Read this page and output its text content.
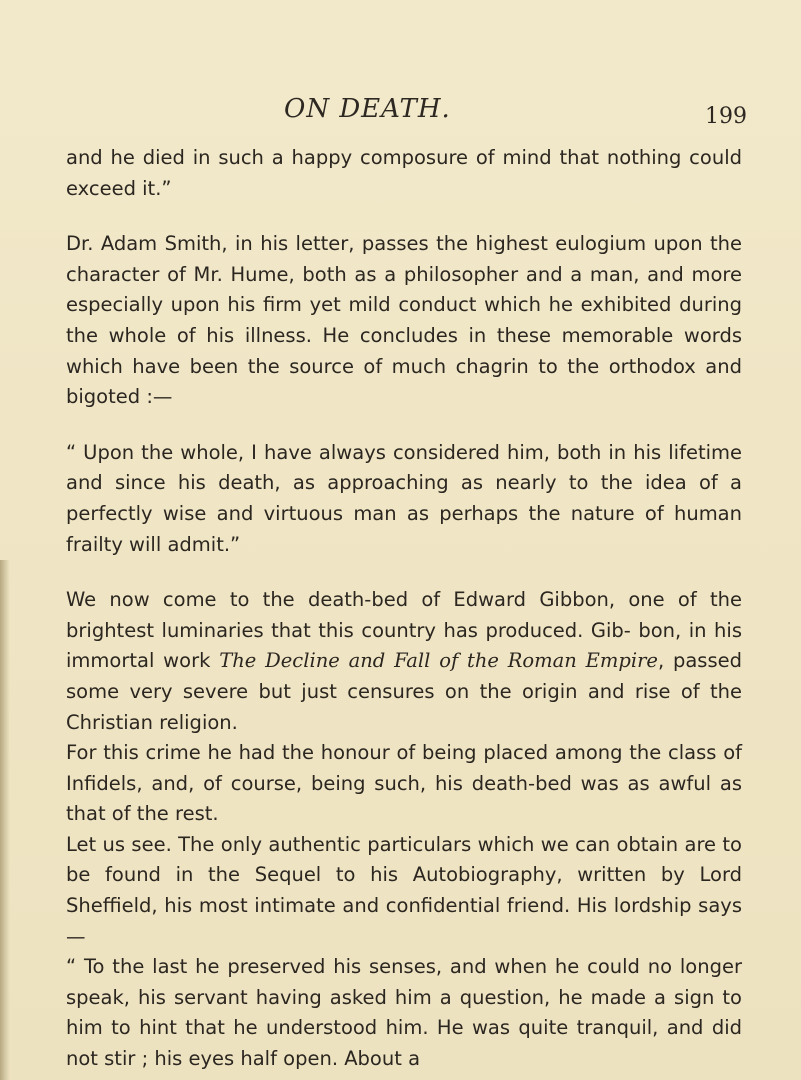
ON DEATH.	199

and he died in such a happy composure of mind that nothing could exceed it.”

Dr. Adam Smith, in his letter, passes the highest eulogium upon the character of Mr. Hume, both as a philosopher and a man, and more especially upon his firm yet mild conduct which he exhibited during the whole of his illness. He concludes in these memorable words which have been the source of much chagrin to the orthodox and bigoted :—

“ Upon the whole, I have always considered him, both in his lifetime and since his death, as approaching as nearly to the idea of a perfectly wise and virtuous man as perhaps the nature of human frailty will admit.”

We now come to the death-bed of Edward Gibbon, one of the brightest luminaries that this country has produced. Gib- bon, in his immortal work The Decline and Fall of the Roman Empire, passed some very severe but just censures on the origin and rise of the Christian religion.

For this crime he had the honour of being placed among the class of Infidels, and, of course, being such, his death-bed was as awful as that of the rest.

Let us see. The only authentic particulars which we can obtain are to be found in the Sequel to his Autobiography, written by Lord Sheffield, his most intimate and confidential friend. His lordship says—

“ To the last he preserved his senses, and when he could no longer speak, his servant having asked him a question, he made a sign to him to hint that he understood him. He was quite tranquil, and did not stir ; his eyes half open. About a
